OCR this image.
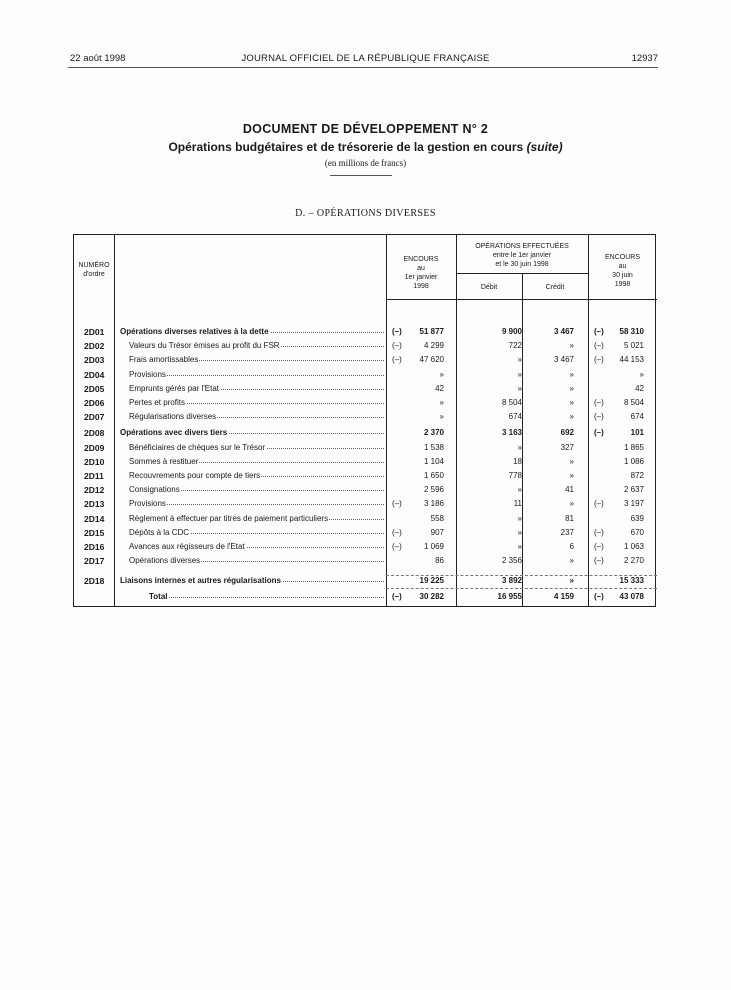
22 août 1998	JOURNAL OFFICIEL DE LA RÉPUBLIQUE FRANÇAISE	12937
DOCUMENT DE DÉVELOPPEMENT N° 2
Opérations budgétaires et de trésorerie de la gestion en cours (suite)
(en millions de francs)
D. – OPÉRATIONS DIVERSES
NUMÉRO
d'ordre
ENCOURS
au
1er janvier
1998
OPÉRATIONS EFFECTUÉES
entre le 1er janvier
et le 30 juin 1998
Débit	Crédit
ENCOURS
au
30 juin
1998
2D01	Opérations diverses relatives à la dette	(–)	51 877	9 900	3 467	(–)	58 310
2D02	Valeurs du Trésor émises au profit du FSR	(–)	4 299	722	»	(–)	5 021
2D03	Frais amortissables	(–)	47 620	»	3 467	(–)	44 153
2D04	Provisions	»	»	»	»
2D05	Emprunts gérés par l'Etat	42	»	»	42
2D06	Pertes et profits	»	8 504	»	(–)	8 504
2D07	Régularisations diverses	»	674	»	(–)	674
2D08	Opérations avec divers tiers	2 370	3 163	692	(–)	101
2D09	Bénéficiaires de chèques sur le Trésor	1 538	»	327	1 865
2D10	Sommes à restituer	1 104	18	»	1 086
2D11	Recouvrements pour compte de tiers	1 650	778	»	872
2D12	Consignations	2 596	»	41	2 637
2D13	Provisions	(–)	3 186	11	»	(–)	3 197
2D14	Règlement à effectuer par titres de paiement particuliers	558	»	81	639
2D15	Dépôts à la CDC	(–)	907	»	237	(–)	670
2D16	Avances aux régisseurs de l'Etat	(–)	1 069	»	6	(–)	1 063
2D17	Opérations diverses	86	2 356	»	(–)	2 270
2D18	Liaisons internes et autres régularisations	19 225	3 892	»	15 333
Total	(–)	30 282	16 955	4 159	(–)	43 078
